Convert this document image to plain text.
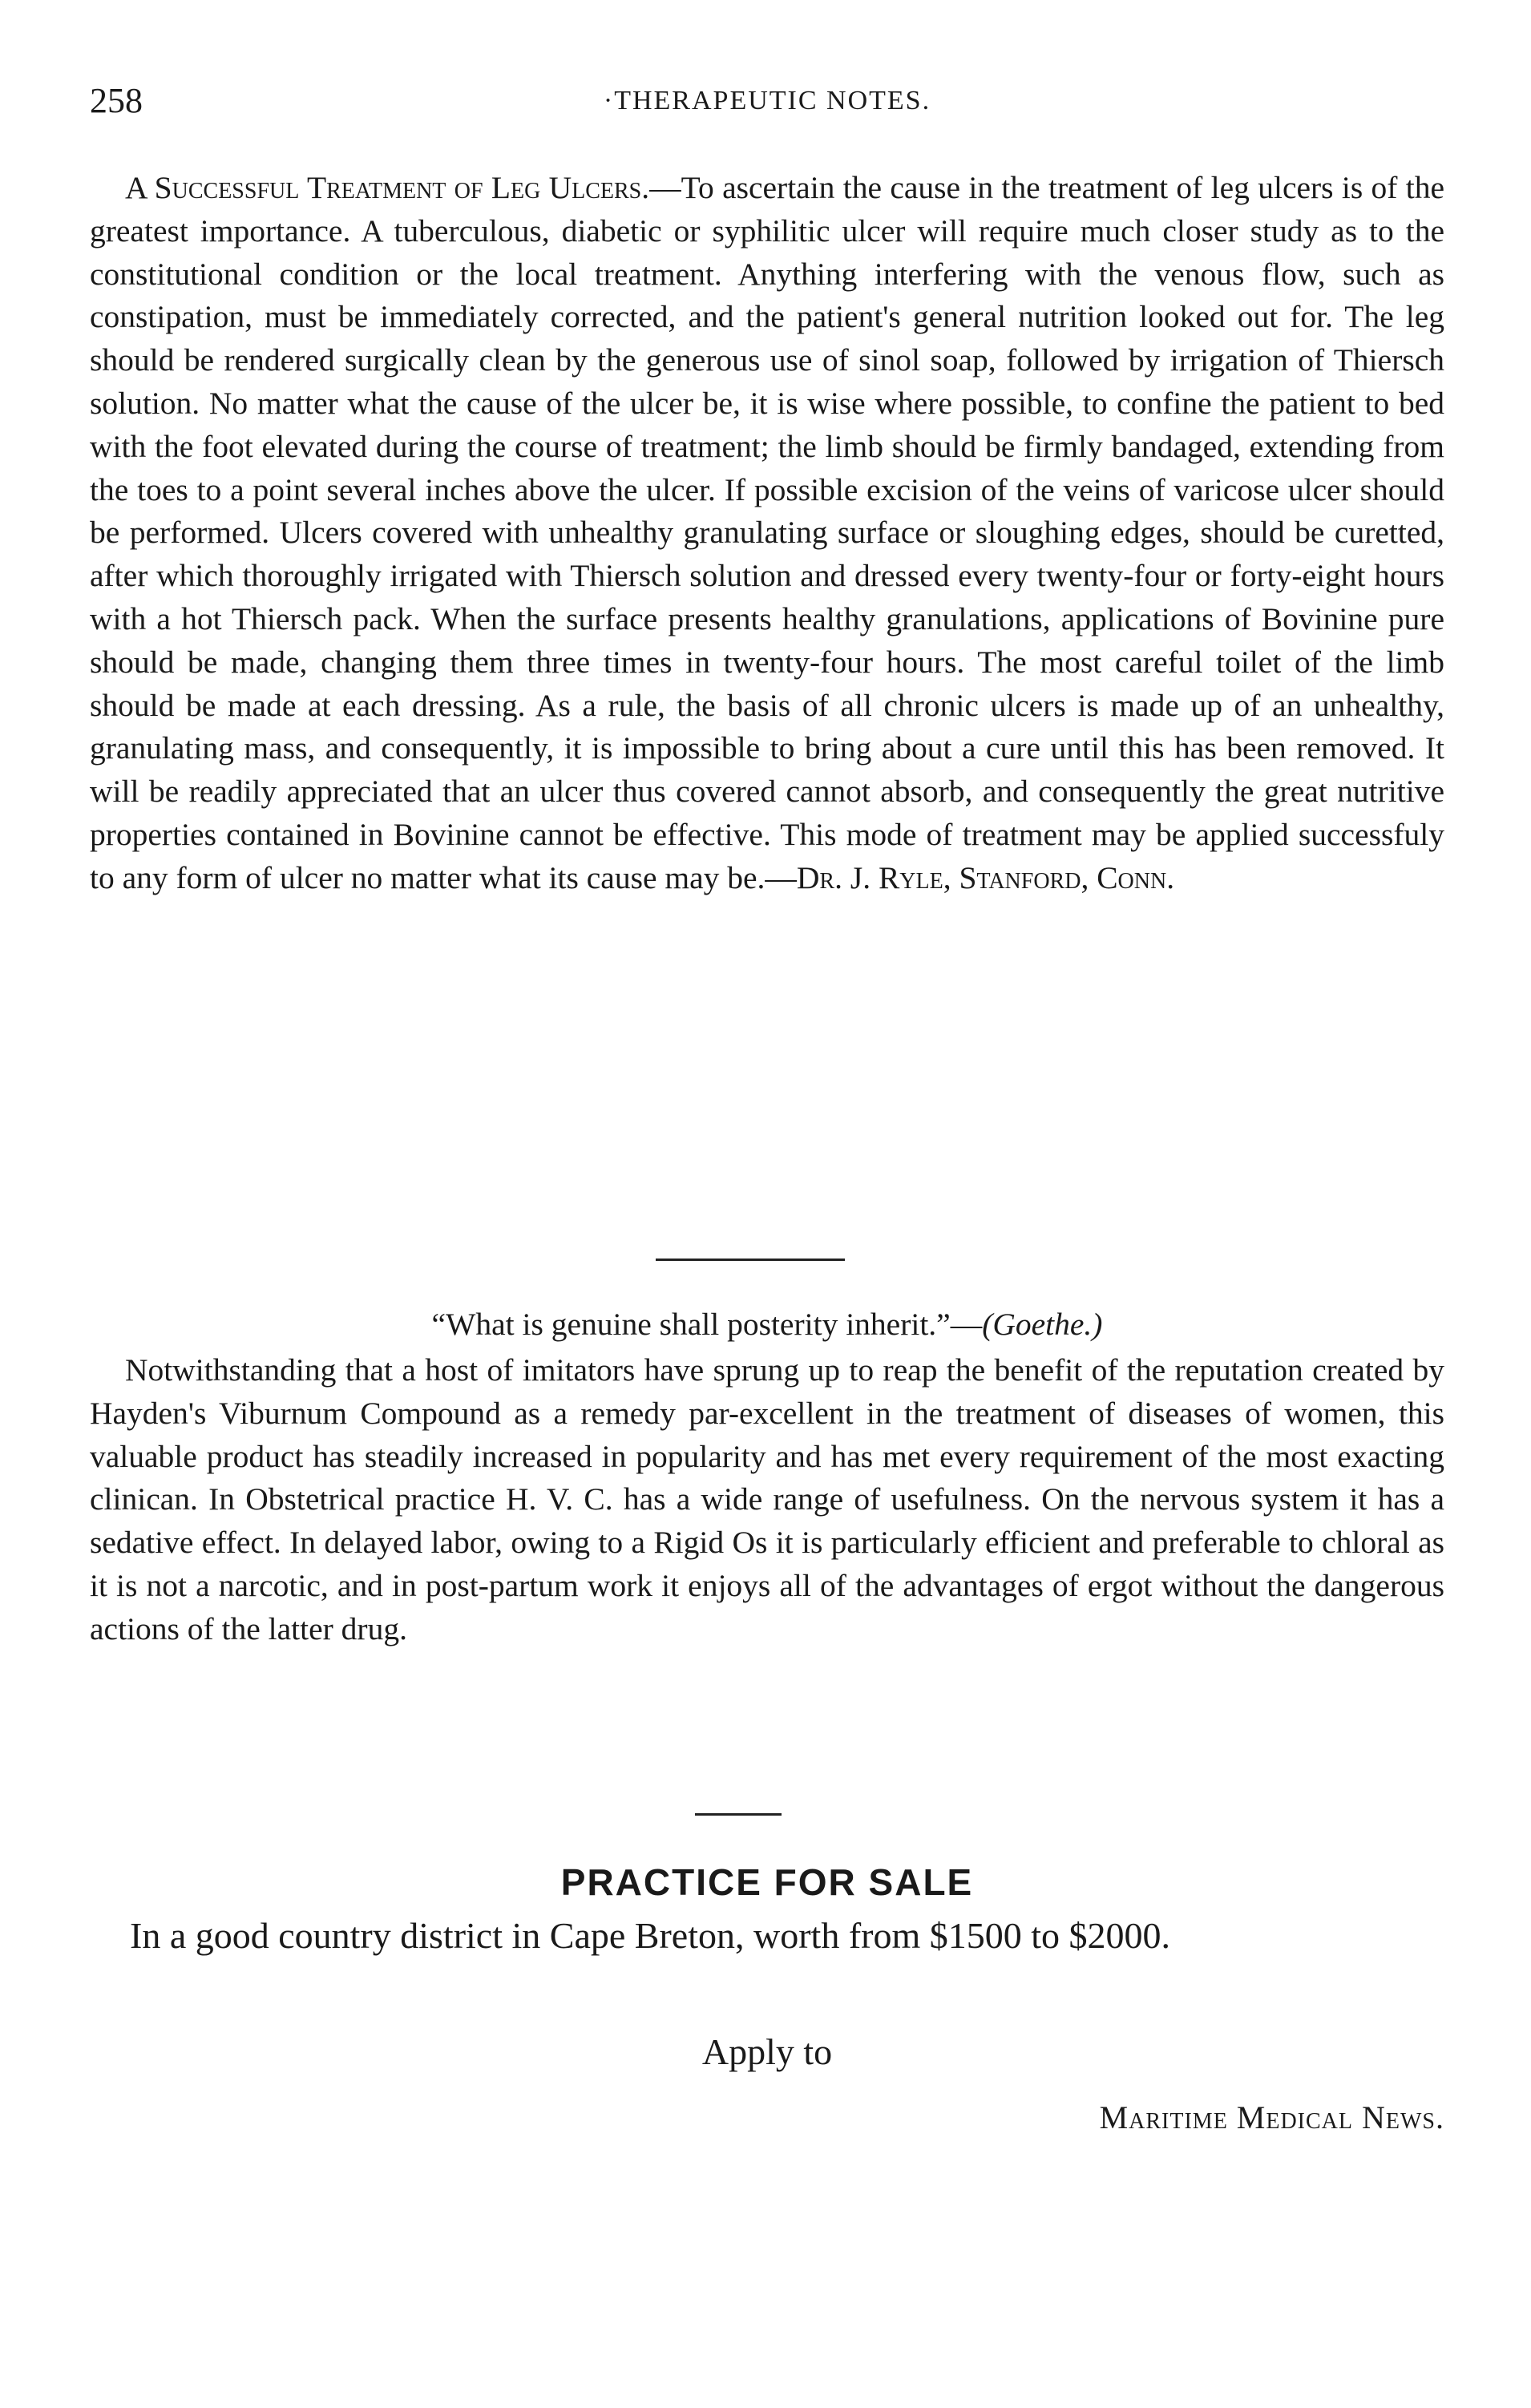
258	·THERAPEUTIC NOTES.

A Successful Treatment of Leg Ulcers.—To ascertain the cause in the treatment of leg ulcers is of the greatest importance. A tuberculous, diabetic or syphilitic ulcer will require much closer study as to the constitutional condition or the local treatment. Anything interfering with the venous flow, such as constipation, must be immediately corrected, and the patient's general nutrition looked out for. The leg should be rendered surgically clean by the generous use of sinol soap, followed by irrigation of Thiersch solution. No matter what the cause of the ulcer be, it is wise where possible, to confine the patient to bed with the foot elevated during the course of treatment; the limb should be firmly bandaged, extending from the toes to a point several inches above the ulcer. If possible excision of the veins of varicose ulcer should be performed. Ulcers covered with unhealthy granulating surface or sloughing edges, should be curetted, after which thoroughly irrigated with Thiersch solution and dressed every twenty-four or forty-eight hours with a hot Thiersch pack. When the surface presents healthy granulations, applications of Bovinine pure should be made, changing them three times in twenty-four hours. The most careful toilet of the limb should be made at each dressing. As a rule, the basis of all chronic ulcers is made up of an unhealthy, granulating mass, and consequently, it is impossible to bring about a cure until this has been removed. It will be readily appreciated that an ulcer thus covered cannot absorb, and consequently the great nutritive properties contained in Bovinine cannot be effective. This mode of treatment may be applied successfuly to any form of ulcer no matter what its cause may be.—Dr. J. Ryle, Stanford, Conn.

“What is genuine shall posterity inherit.”—(Goethe.)

Notwithstanding that a host of imitators have sprung up to reap the benefit of the reputation created by Hayden's Viburnum Compound as a remedy par-excellent in the treatment of diseases of women, this valuable product has steadily increased in popularity and has met every requirement of the most exacting clinican. In Obstetrical practice H. V. C. has a wide range of usefulness. On the nervous system it has a sedative effect. In delayed labor, owing to a Rigid Os it is particularly efficient and preferable to chloral as it is not a narcotic, and in post-partum work it enjoys all of the advantages of ergot without the dangerous actions of the latter drug.

PRACTICE FOR SALE

In a good country district in Cape Breton, worth from $1500 to $2000.

Apply to

Maritime Medical News.
